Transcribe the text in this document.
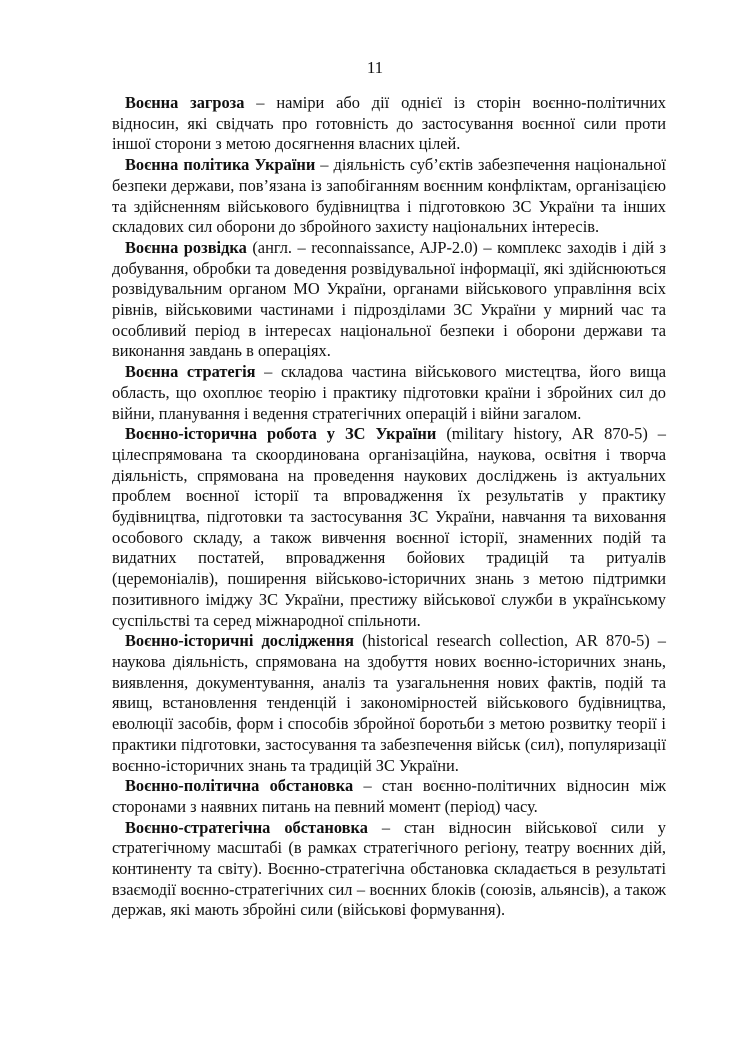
11

Воєнна загроза – наміри або дії однієї із сторін воєнно-політичних відносин, які свідчать про готовність до застосування воєнної сили проти іншої сторони з метою досягнення власних цілей.

Воєнна політика України – діяльність суб’єктів забезпечення національної безпеки держави, пов’язана із запобіганням воєнним конфліктам, організацією та здійсненням військового будівництва і підготовкою ЗС України та інших складових сил оборони до збройного захисту національних інтересів.

Воєнна розвідка (англ. – reconnaissance, AJP-2.0) – комплекс заходів і дій з добування, обробки та доведення розвідувальної інформації, які здійснюються розвідувальним органом МО України, органами військового управління всіх рівнів, військовими частинами і підрозділами ЗС України у мирний час та особливий період в інтересах національної безпеки і оборони держави та виконання завдань в операціях.

Воєнна стратегія – складова частина військового мистецтва, його вища область, що охоплює теорію і практику підготовки країни і збройних сил до війни, планування і ведення стратегічних операцій і війни загалом.

Воєнно-історична робота у ЗС України (military history, AR 870-5) – цілеспрямована та скоординована організаційна, наукова, освітня і творча діяльність, спрямована на проведення наукових досліджень із актуальних проблем воєнної історії та впровадження їх результатів у практику будівництва, підготовки та застосування ЗС України, навчання та виховання особового складу, а також вивчення воєнної історії, знаменних подій та видатних постатей, впровадження бойових традицій та ритуалів (церемоніалів), поширення військово-історичних знань з метою підтримки позитивного іміджу ЗС України, престижу військової служби в українському суспільстві та серед міжнародної спільноти.

Воєнно-історичні дослідження (historical research collection, AR 870-5) – наукова діяльність, спрямована на здобуття нових воєнно-історичних знань, виявлення, документування, аналіз та узагальнення нових фактів, подій та явищ, встановлення тенденцій і закономірностей військового будівництва, еволюції засобів, форм і способів збройної боротьби з метою розвитку теорії і практики підготовки, застосування та забезпечення військ (сил), популяризації воєнно-історичних знань та традицій ЗС України.

Воєнно-політична обстановка – стан воєнно-політичних відносин між сторонами з наявних питань на певний момент (період) часу.

Воєнно-стратегічна обстановка – стан відносин військової сили у стратегічному масштабі (в рамках стратегічного регіону, театру воєнних дій, континенту та світу). Воєнно-стратегічна обстановка складається в результаті взаємодії воєнно-стратегічних сил – воєнних блоків (союзів, альянсів), а також держав, які мають збройні сили (військові формування).
